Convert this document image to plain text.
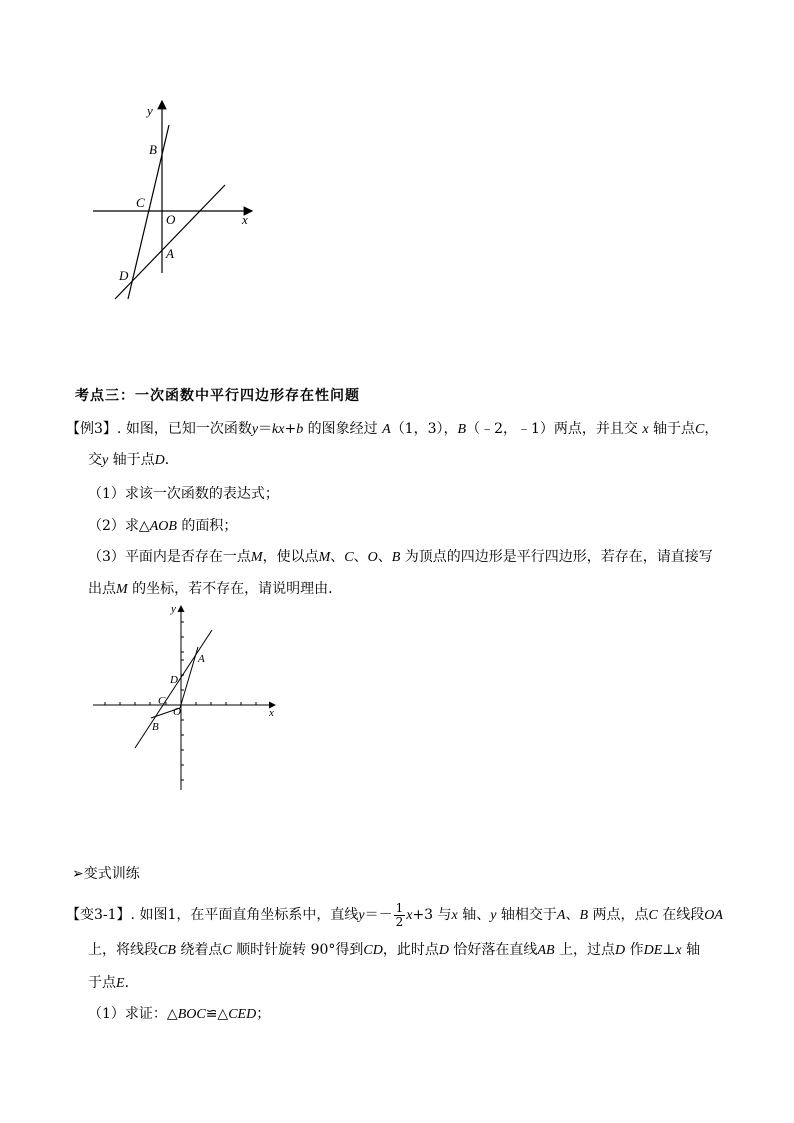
y
x
B
C
O
A
D
考点三：一次函数中平行四边形存在性问题
【例3】. 如图，已知一次函数y＝kx+b 的图象经过 A（1，3），B（﹣2，﹣1）两点，并且交 x 轴于点C，
交y 轴于点D．
（1）求该一次函数的表达式；
（2）求△AOB 的面积；
（3）平面内是否存在一点M，使以点M、C、O、B 为顶点的四边形是平行四边形，若存在，请直接写
出点M 的坐标，若不存在，请说明理由．
y
x
A
D
C
O
B
➢变式训练
【变3-1】. 如图1，在平面直角坐标系中，直线$y=- \frac{1}{2} x+3$ 与x 轴、y 轴相交于A、B 两点，点C 在线段OA
上，将线段CB 绕着点C 顺时针旋转 90°得到CD，此时点D 恰好落在直线AB 上，过点D 作DE⊥x 轴
于点E．
（1）求证：△BOC≌△CED；
